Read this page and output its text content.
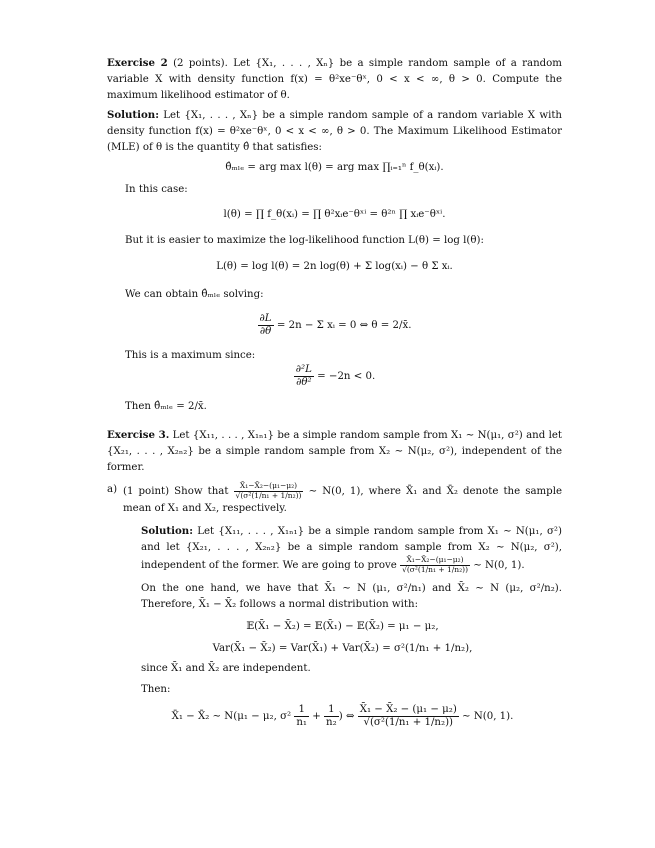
Exercise 2 (2 points). Let {X₁, . . . , Xₙ} be a simple random sample of a random variable X with density function f(x) = θ²xe⁻θˣ, 0 < x < ∞, θ > 0. Compute the maximum likelihood estimator of θ.

Solution: Let {X₁, . . . , Xₙ} be a simple random sample of a random variable X with density function f(x) = θ²xe⁻θˣ, 0 < x < ∞, θ > 0. The Maximum Likelihood Estimator (MLE) of θ is the quantity θ̂ that satisfies:

θ̂ₘₗₑ = arg max l(θ) = arg max ∏ᵢ₌₁ⁿ f_θ(xᵢ).

In this case:

l(θ) = ∏ f_θ(xᵢ) = ∏ θ²xᵢe⁻θˣⁱ = θ²ⁿ ∏ xᵢe⁻θˣⁱ.

But it is easier to maximize the log-likelihood function L(θ) = log l(θ):

L(θ) = log l(θ) = 2n log(θ) + Σ log(xᵢ) − θ Σ xᵢ.

We can obtain θ̂ₘₗₑ solving:

$\frac{\partial L}{\partial\theta} = 2n - \Sigma$ xᵢ = 0 ⇔ θ = 2/x̄.

This is a maximum since:

$\frac{\text{∂²L}}{\text{∂θ²}} = -2n < 0$.

Then θ̂ₘₗₑ = 2/x̄.

Exercise 3. Let {X₁₁, . . . , X₁ₙ₁} be a simple random sample from X₁ ∼ N(μ₁, σ²) and let {X₂₁, . . . , X₂ₙ₂} be a simple random sample from X₂ ∼ N(μ₂, σ²), independent of the former.

a) (1 point) Show that $\frac{\text{X̄₁−X̄₂−(μ₁−μ₂)}}{\text{√(σ²(1/n₁ + 1/n₂))}}$ ∼ N(0, 1), where X̄₁ and X̄₂ denote the sample mean of X₁ and X₂, respectively.

Solution: Let {X₁₁, . . . , X₁ₙ₁} be a simple random sample from X₁ ∼ N(μ₁, σ²) and let {X₂₁, . . . , X₂ₙ₂} be a simple random sample from X₂ ∼ N(μ₂, σ²), independent of the former. We are going to prove $\frac{\text{X̄₁−X̄₂−(μ₁−μ₂)}}{\text{√(σ²(1/n₁ + 1/n₂))}}$ ∼ N(0, 1).

On the one hand, we have that X̄₁ ∼ N (μ₁, σ²/n₁) and X̄₂ ∼ N (μ₂, σ²/n₂). Therefore, X̄₁ − X̄₂ follows a normal distribution with:

𝔼(X̄₁ − X̄₂) = 𝔼(X̄₁) − 𝔼(X̄₂) = μ₁ − μ₂,

Var(X̄₁ − X̄₂) = Var(X̄₁) + Var(X̄₂) = σ²(1/n₁ + 1/n₂),

since X̄₁ and X̄₂ are independent.

Then:

X̄₁ − X̄₂ ∼ N(μ₁ − μ₂, $\sigma^2 \frac{1}{\text{n₁}} + \frac{1}{\text{n₂}}$ ) ⇔ $\frac{\text{X̄₁ − X̄₂ − (μ₁ − μ₂)}}{\text{√(σ²(1/n₁ + 1/n₂))}}$ ∼ N(0, 1).
